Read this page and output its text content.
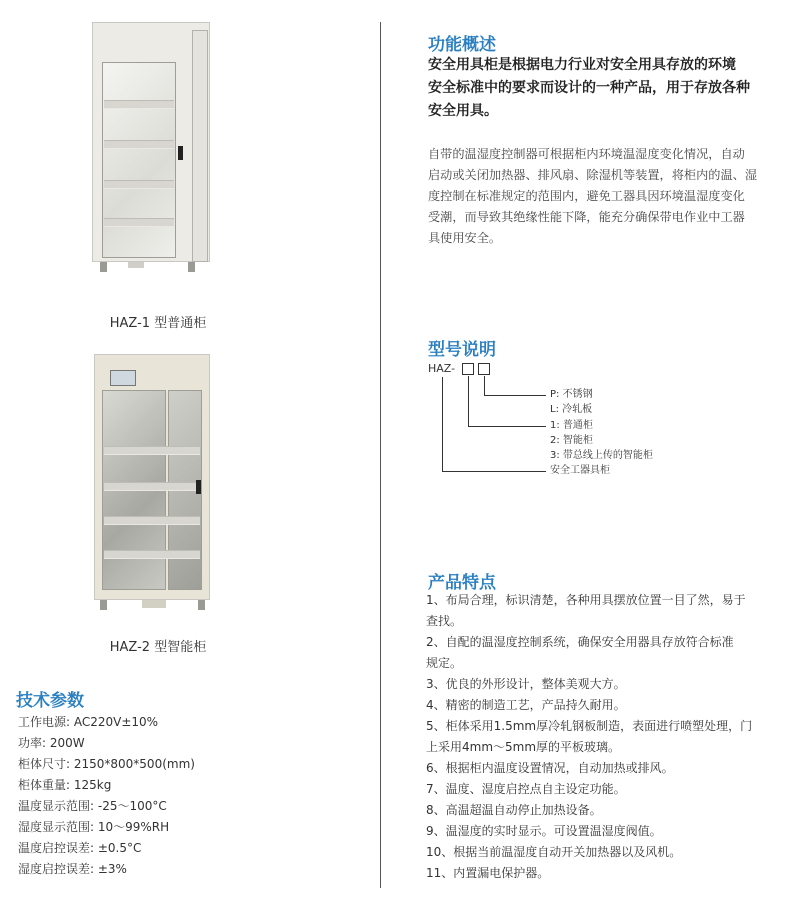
HAZ-1 型普通柜
HAZ-2 型智能柜
技术参数
工作电源: AC220V±10%
功率: 200W
柜体尺寸: 2150*800*500(mm)
柜体重量: 125kg
温度显示范围: -25～100°C
湿度显示范围: 10～99%RH
温度启控误差: ±0.5°C
湿度启控误差: ±3%
功能概述
安全用具柜是根据电力行业对安全用具存放的环境
安全标准中的要求而设计的一种产品，用于存放各种
安全用具。
自带的温湿度控制器可根据柜内环境温湿度变化情况，自动
启动或关闭加热器、排风扇、除湿机等装置，将柜内的温、湿
度控制在标准规定的范围内，避免工器具因环境温湿度变化
受潮，而导致其绝缘性能下降，能充分确保带电作业中工器
具使用安全。
型号说明
HAZ-
P: 不锈钢
L: 冷轧板
1: 普通柜
2: 智能柜
3: 带总线上传的智能柜
安全工器具柜
产品特点
1、布局合理，标识清楚，各种用具摆放位置一目了然，易于
查找。
2、自配的温湿度控制系统，确保安全用器具存放符合标准
规定。
3、优良的外形设计，整体美观大方。
4、精密的制造工艺，产品持久耐用。
5、柜体采用1.5mm厚冷轧钢板制造，表面进行喷塑处理，门
上采用4mm～5mm厚的平板玻璃。
6、根据柜内温度设置情况，自动加热或排风。
7、温度、湿度启控点自主设定功能。
8、高温超温自动停止加热设备。
9、温湿度的实时显示。可设置温湿度阀值。
10、根据当前温湿度自动开关加热器以及风机。
11、内置漏电保护器。
